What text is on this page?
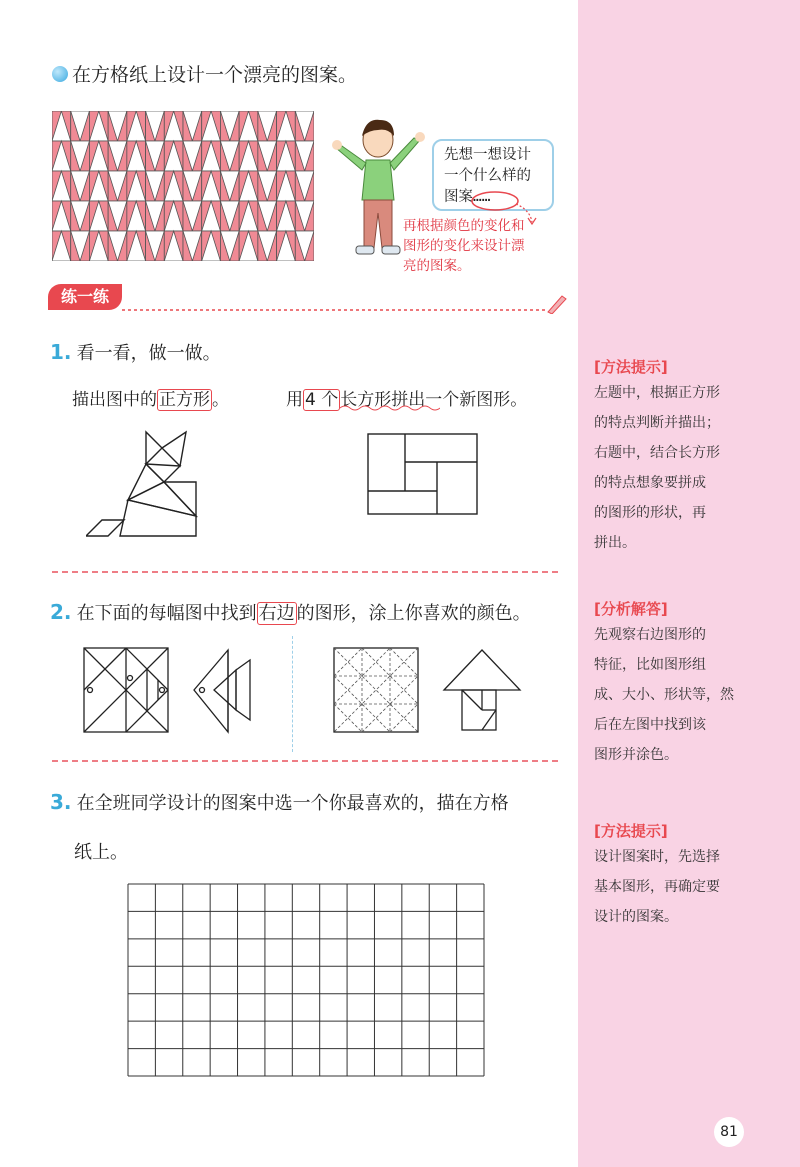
在方格纸上设计一个漂亮的图案。
先想一想设计
一个什么样的
图案……
再根据颜色的变化和
图形的变化来设计漂
亮的图案。
练一练
1. 看一看，做一做。
描出图中的 正方形 。	用 4 个 长方形拼出一个新图形。
2. 在下面的每幅图中找到 右边 的图形，涂上你喜欢的颜色。
3. 在全班同学设计的图案中选一个你最喜欢的，描在方格
纸上。
[方法提示]
左题中，根据正方形
的特点判断并描出；
右题中，结合长方形
的特点想象要拼成
的图形的形状，再
拼出。
[分析解答]
先观察右边图形的
特征，比如图形组
成、大小、形状等，然
后在左图中找到该
图形并涂色。
[方法提示]
设计图案时，先选择
基本图形，再确定要
设计的图案。
81
